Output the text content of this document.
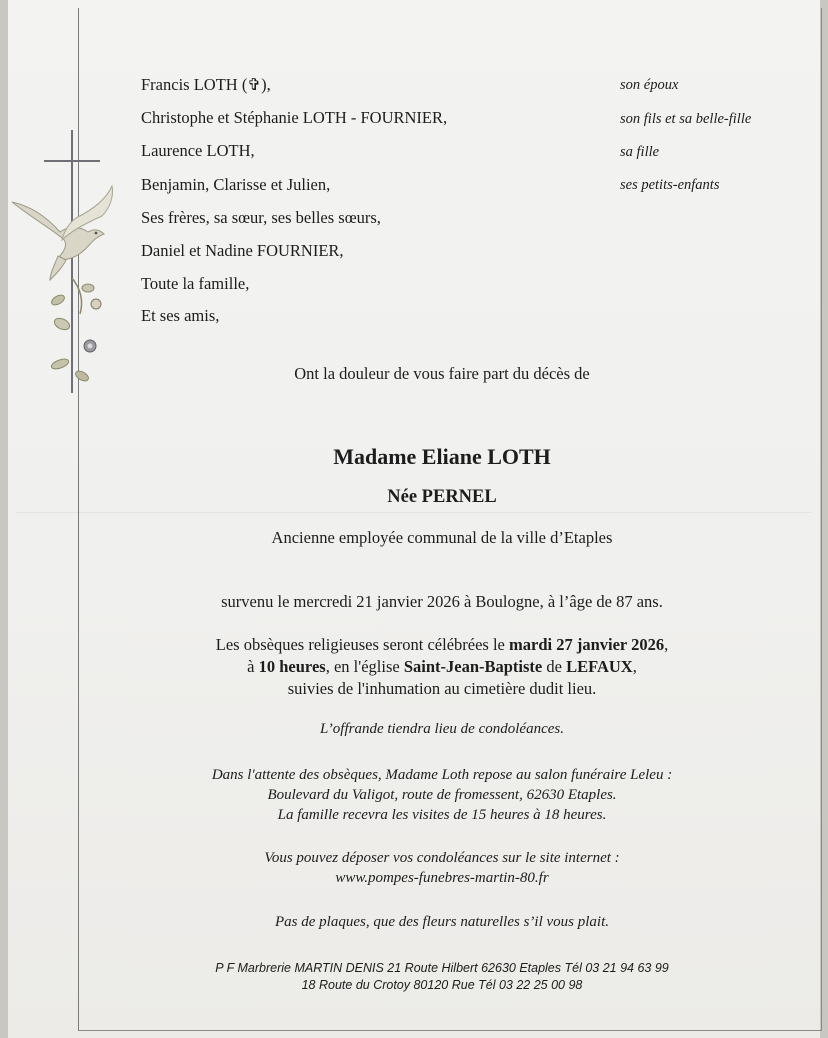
Francis LOTH (✞),
Christophe et Stéphanie LOTH - FOURNIER,
Laurence LOTH,
Benjamin, Clarisse et Julien,
Ses frères, sa sœur, ses belles sœurs,
Daniel et Nadine FOURNIER,
Toute la famille,
Et ses amis,
son époux
son fils et sa belle-fille
sa fille
ses petits-enfants
Ont la douleur de vous faire part du décès de
Madame Eliane LOTH
Née PERNEL
Ancienne employée communal de la ville d’Etaples
survenu le mercredi 21 janvier 2026 à Boulogne, à l’âge de 87 ans.
Les obsèques religieuses seront célébrées le mardi 27 janvier 2026,
à 10 heures, en l'église Saint-Jean-Baptiste de LEFAUX,
suivies de l'inhumation au cimetière dudit lieu.
L’offrande tiendra lieu de condoléances.
Dans l'attente des obsèques, Madame Loth repose au salon funéraire Leleu :
Boulevard du Valigot, route de fromessent, 62630 Etaples.
La famille recevra les visites de 15 heures à 18 heures.
Vous pouvez déposer vos condoléances sur le site internet :
www.pompes-funebres-martin-80.fr
Pas de plaques, que des fleurs naturelles s’il vous plait.
P F Marbrerie MARTIN DENIS 21 Route Hilbert 62630 Etaples Tél 03 21 94 63 99
18 Route du Crotoy 80120 Rue Tél 03 22 25 00 98
